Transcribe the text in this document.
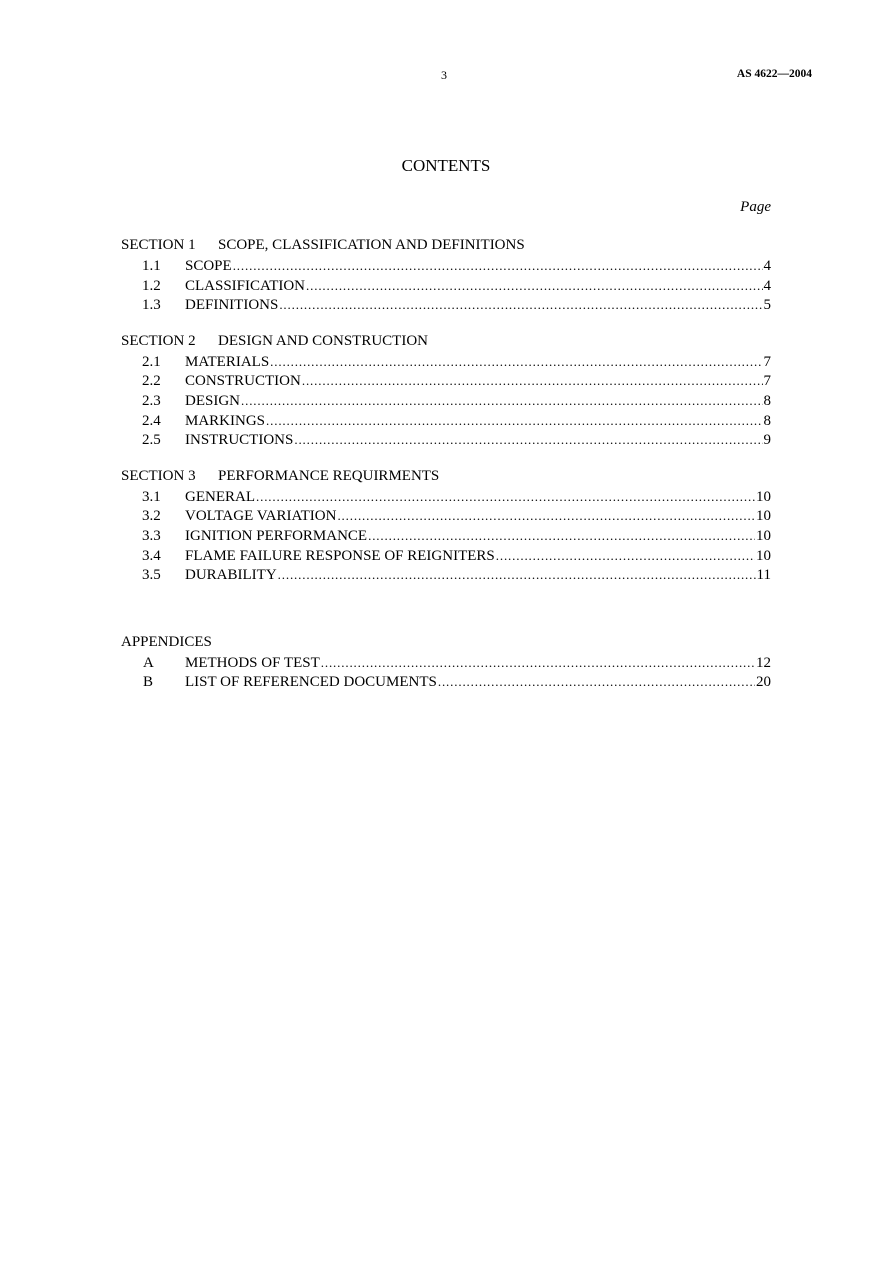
3	AS 4622—2004
CONTENTS
Page
SECTION 1 SCOPE, CLASSIFICATION AND DEFINITIONS
1.1	SCOPE . . .	4
1.2	CLASSIFICATION . . .	4
1.3	DEFINITIONS . . .	5
SECTION 2 DESIGN AND CONSTRUCTION
2.1	MATERIALS . . .	7
2.2	CONSTRUCTION . . .	7
2.3	DESIGN . . .	8
2.4	MARKINGS . . .	8
2.5	INSTRUCTIONS . . .	9
SECTION 3 PERFORMANCE REQUIRMENTS
3.1	GENERAL . . .	10
3.2	VOLTAGE VARIATION . . .	10
3.3	IGNITION PERFORMANCE . . .	10
3.4	FLAME FAILURE RESPONSE OF REIGNITERS . . .	10
3.5	DURABILITY . . .	11
APPENDICES
A	METHODS OF TEST . . .	12
B	LIST OF REFERENCED DOCUMENTS . . .	20
